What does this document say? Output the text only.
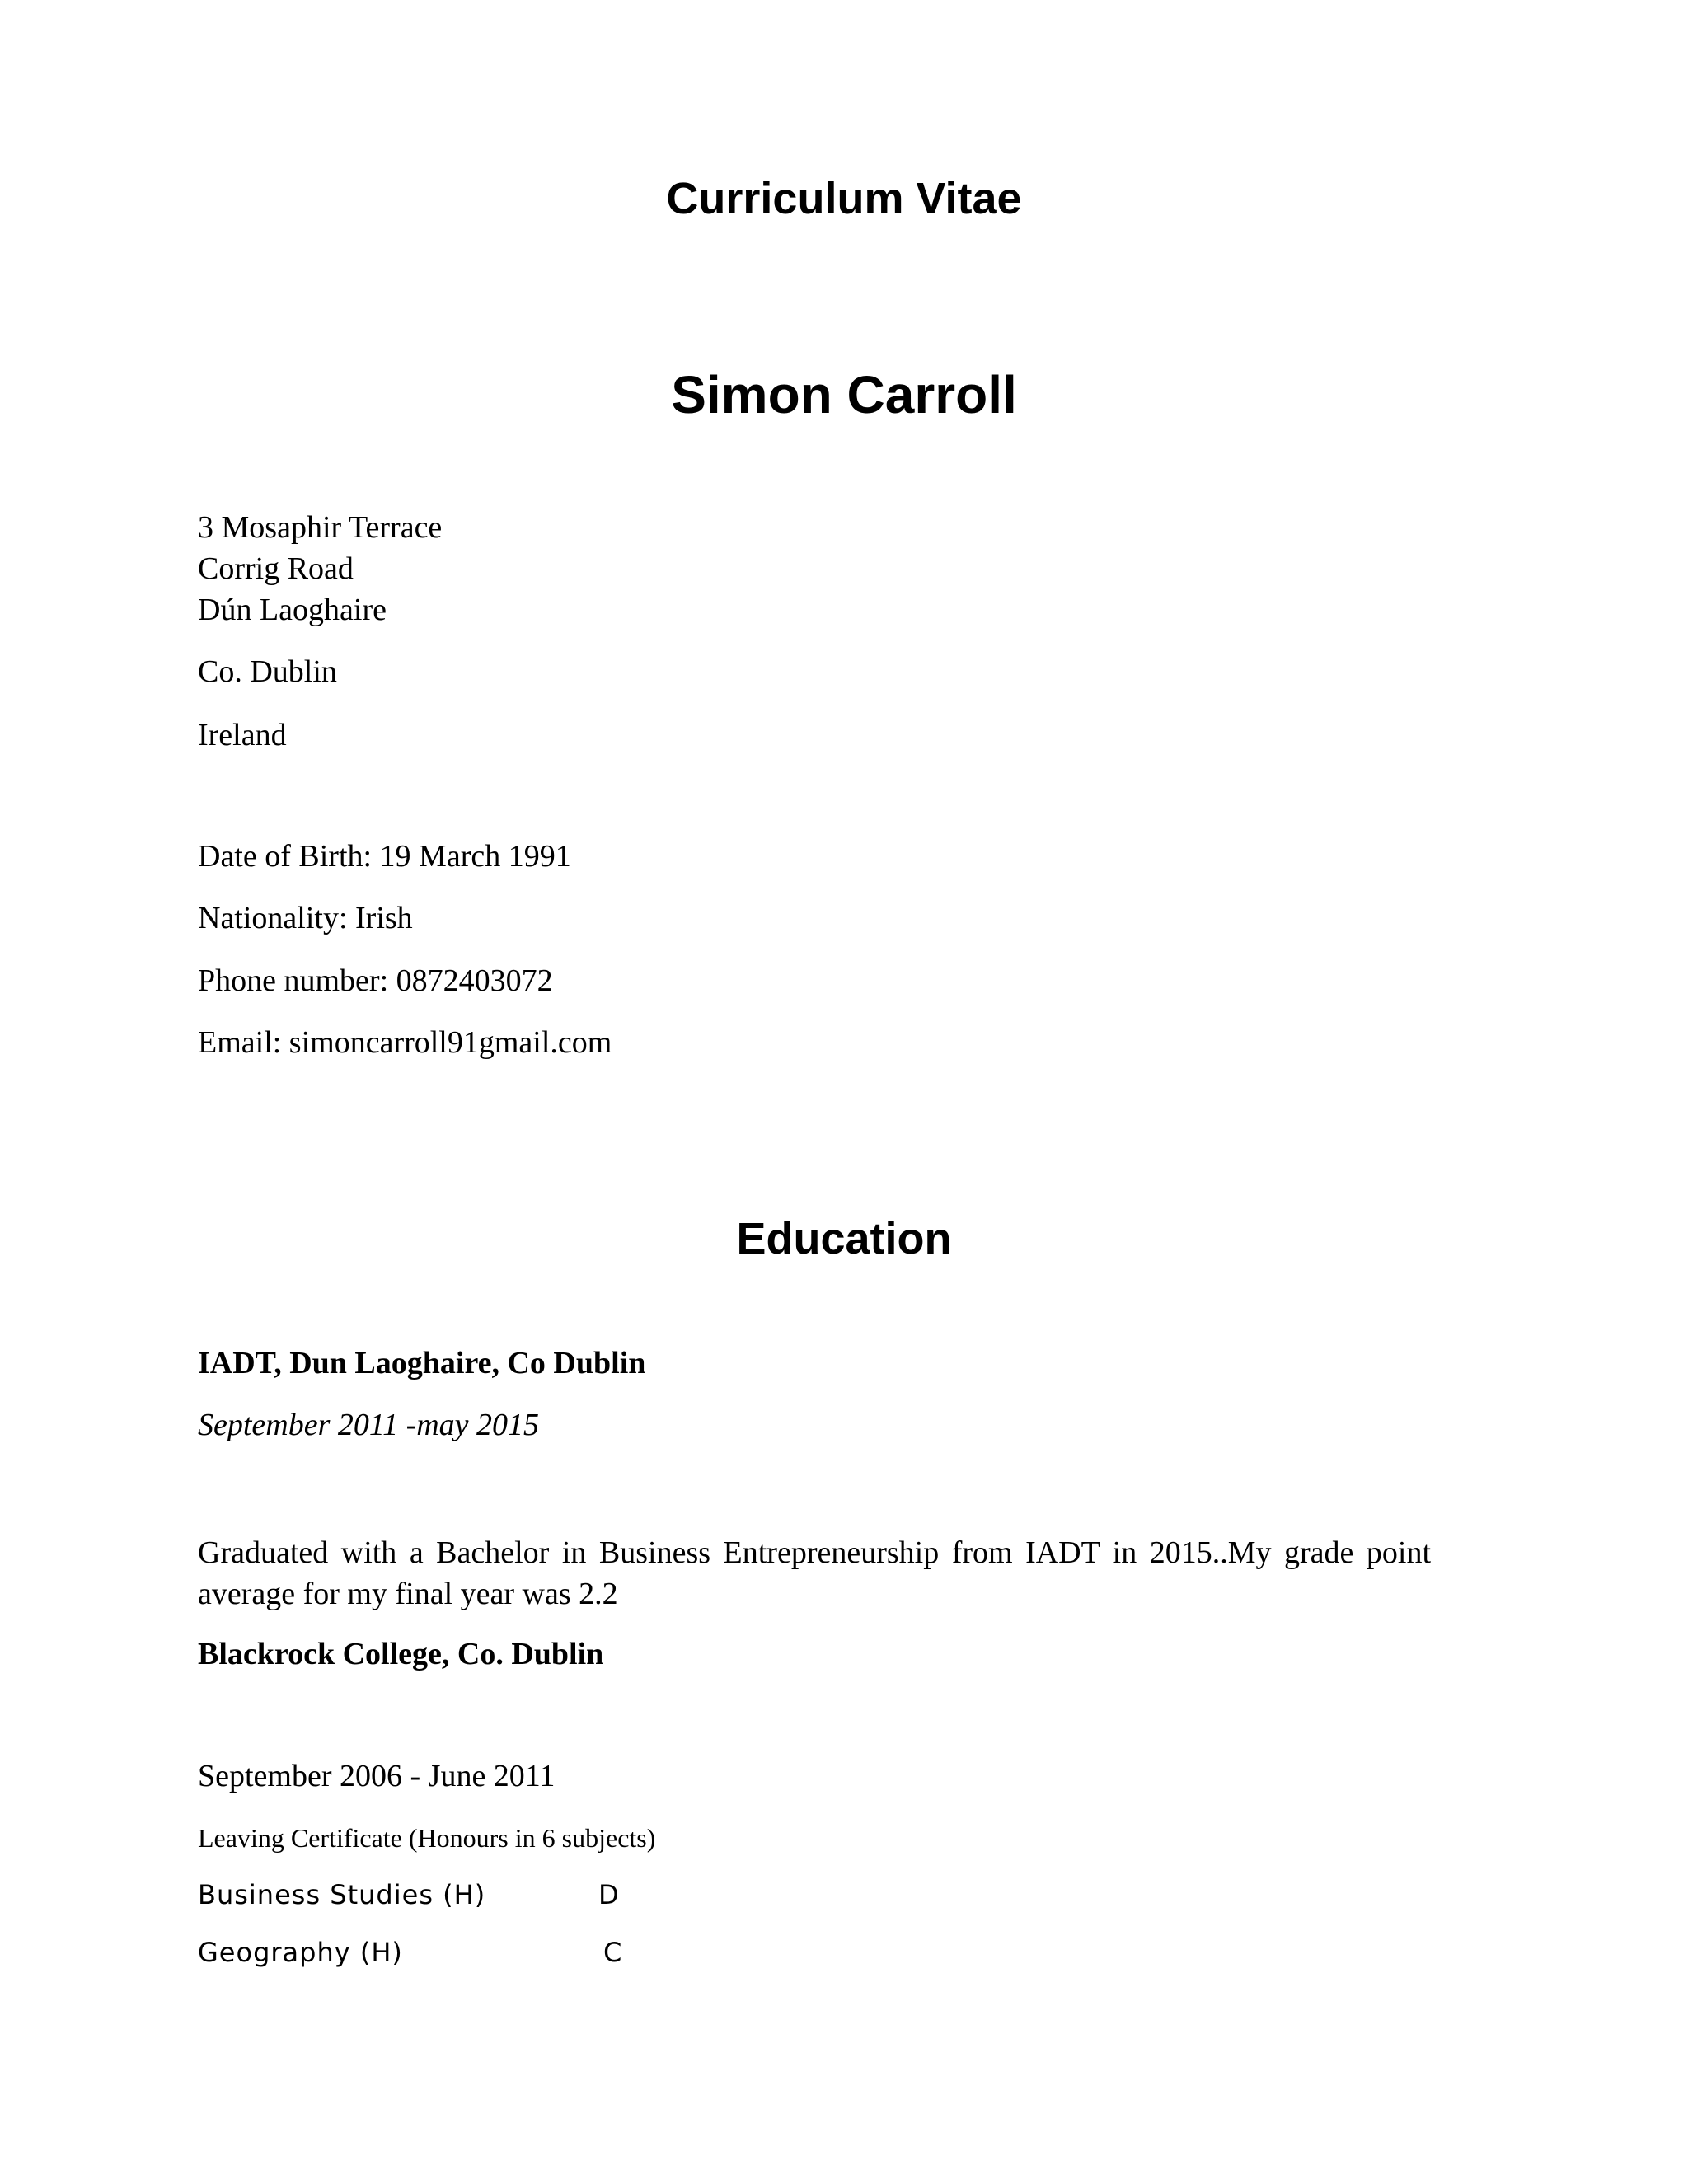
Curriculum Vitae
Simon Carroll
3 Mosaphir Terrace
Corrig Road
Dún Laoghaire
Co. Dublin
Ireland
Date of Birth: 19 March 1991
Nationality: Irish
Phone number: 0872403072
Email: simoncarroll91gmail.com
Education
IADT, Dun Laoghaire, Co Dublin
September 2011 -may 2015
Graduated with a Bachelor in Business Entrepreneurship from IADT in 2015..My grade point average for my final year was 2.2
Blackrock College, Co. Dublin
September 2006 - June 2011
Leaving Certificate (Honours in 6 subjects)
Business Studies (H)	D
Geography (H)	C
